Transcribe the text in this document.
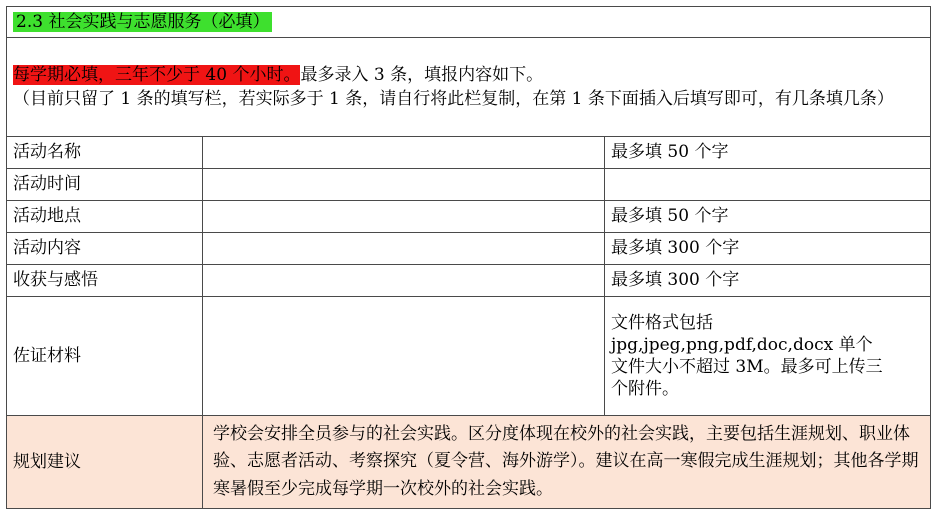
2.3 社会实践与志愿服务（必填）		

每学期必填，三年不少于 40 个小时。最多录入 3 条，填报内容如下。

（目前只留了 1 条的填写栏，若实际多于 1 条，请自行将此栏复制，在第 1 条下面插入后填写即可，有几条填几条）		

活动名称		最多填 50 个字
活动时间		
活动地点		最多填 50 个字
活动内容		最多填 300 个字
收获与感悟		最多填 300 个字
佐证材料		文件格式包括
jpg,jpeg,png,pdf,doc,docx 单个
文件大小不超过 3M。最多可上传三
个附件。

规划建议	学校会安排全员参与的社会实践。区分度体现在校外的社会实践，主要包括生涯规划、职业体验、志愿者活动、考察探究（夏令营、海外游学）。建议在高一寒假完成生涯规划；其他各学期寒暑假至少完成每学期一次校外的社会实践。	
